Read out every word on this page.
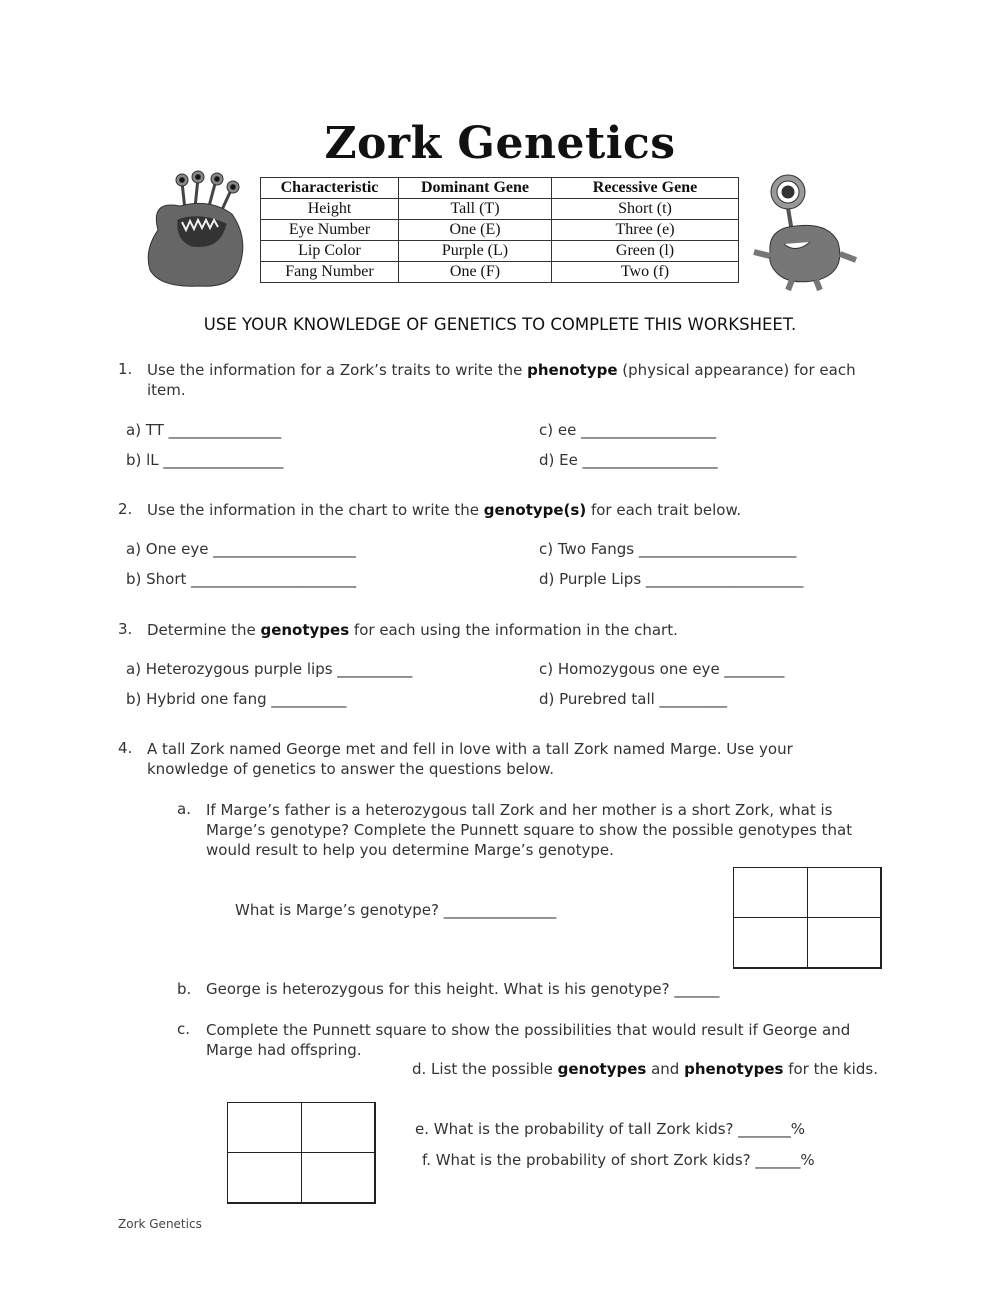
Zork Genetics
Characteristic	Dominant Gene	Recessive Gene
Height	Tall (T)	Short (t)
Eye Number	One (E)	Three (e)
Lip Color	Purple (L)	Green (l)
Fang Number	One (F)	Two (f)
USE YOUR KNOWLEDGE OF GENETICS TO COMPLETE THIS WORKSHEET.
1. Use the information for a Zork’s traits to write the phenotype (physical appearance) for each item.
a) TT _______________
b) lL ________________
c) ee __________________
d) Ee __________________
2. Use the information in the chart to write the genotype(s) for each trait below.
a) One eye ___________________
b) Short ______________________
c) Two Fangs _____________________
d) Purple Lips _____________________
3. Determine the genotypes for each using the information in the chart.
a) Heterozygous purple lips __________
b) Hybrid one fang __________
c) Homozygous one eye ________
d) Purebred tall _________
4. A tall Zork named George met and fell in love with a tall Zork named Marge. Use your knowledge of genetics to answer the questions below.
a. If Marge’s father is a heterozygous tall Zork and her mother is a short Zork, what is Marge’s genotype? Complete the Punnett square to show the possible genotypes that would result to help you determine Marge’s genotype.
What is Marge’s genotype? _______________
b. George is heterozygous for this height. What is his genotype? ______
c. Complete the Punnett square to show the possibilities that would result if George and Marge had offspring.
d. List the possible genotypes and phenotypes for the kids.
e. What is the probability of tall Zork kids? _______%
f. What is the probability of short Zork kids? ______%
Zork Genetics
